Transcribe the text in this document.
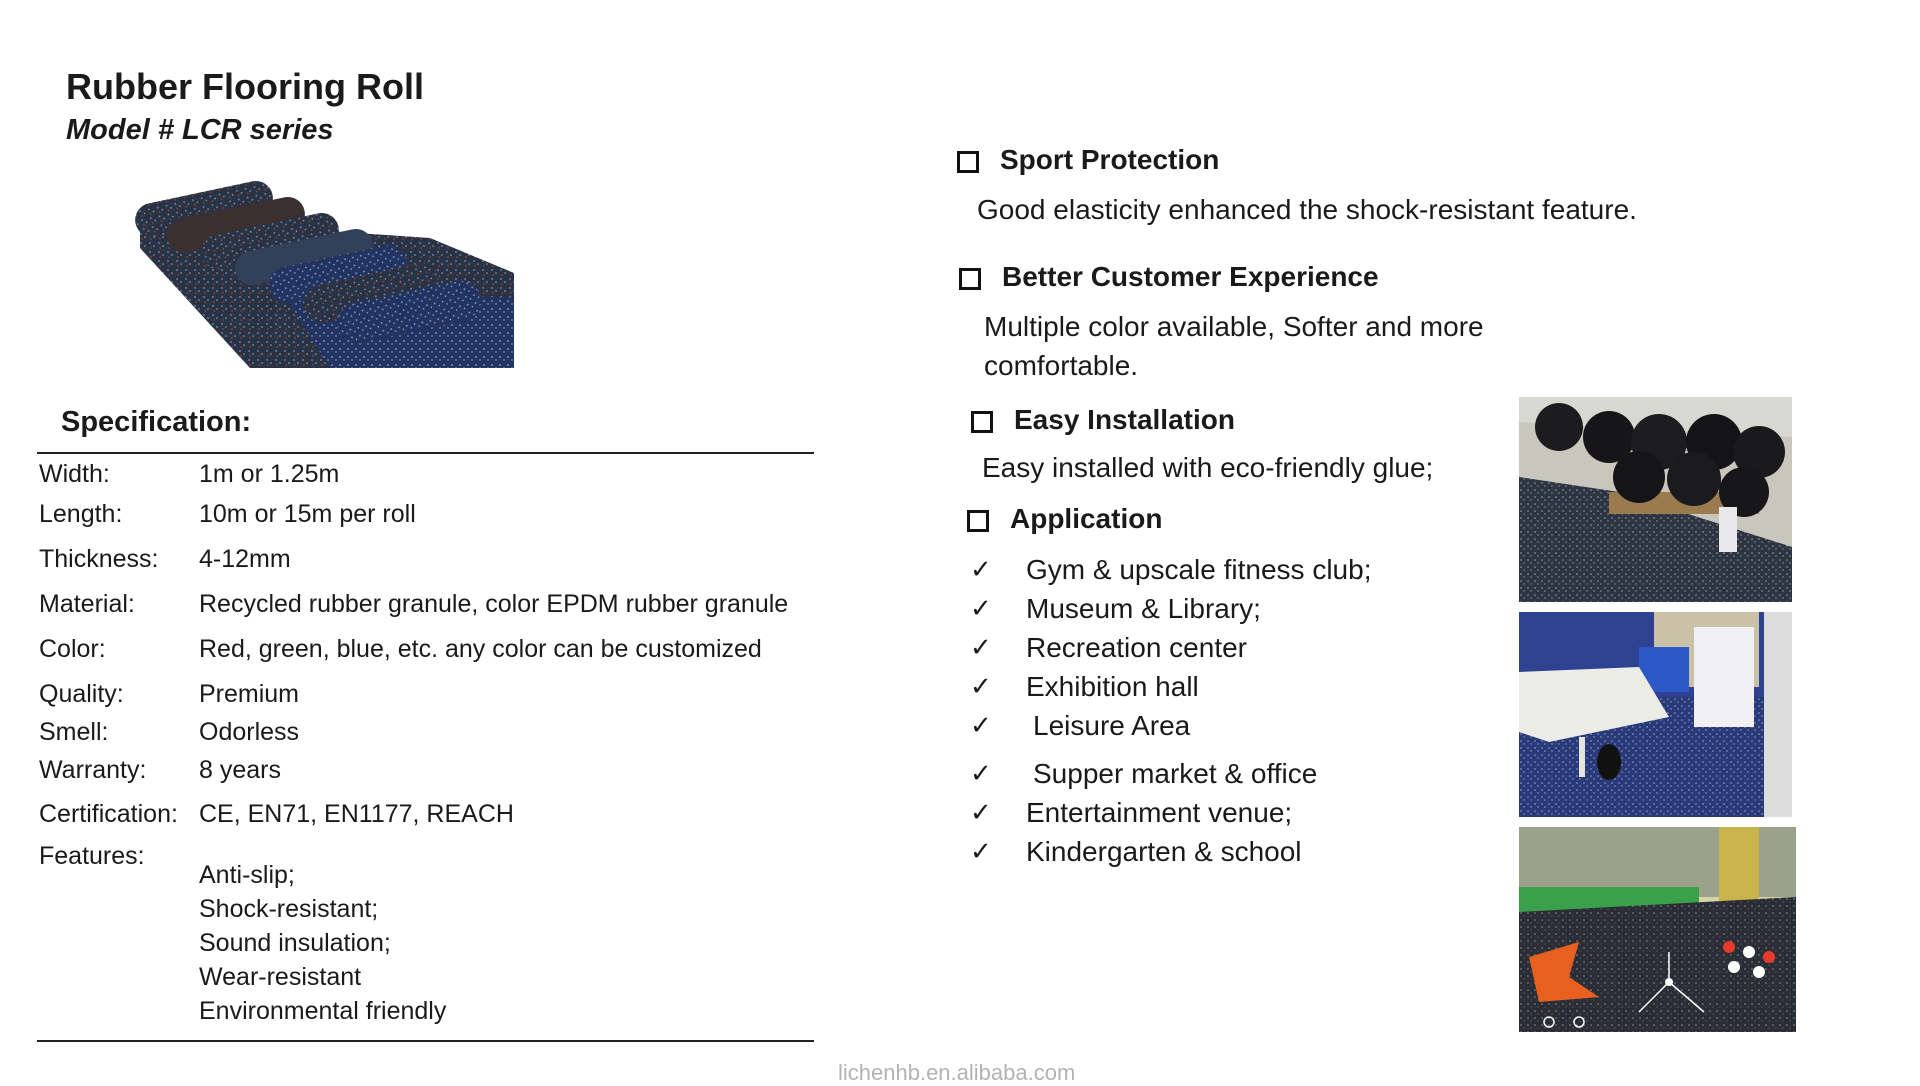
Rubber Flooring Roll
Model # LCR series
Specification:
Width:	1m or 1.25m
Length:	10m or 15m per roll
Thickness: 4-12mm
Material:	Recycled rubber granule, color EPDM rubber granule
Color:	Red, green, blue, etc. any color can be customized
Quality:	Premium
Smell:	Odorless
Warranty: 8 years
Certification: CE, EN71, EN1177, REACH
Features:
Anti-slip;
Shock-resistant;
Sound insulation;
Wear-resistant
Environmental friendly
Sport Protection
Good elasticity enhanced the shock-resistant feature.
Better Customer Experience
Multiple color available, Softer and more
comfortable.
Easy Installation
Easy installed with eco-friendly glue;
Application
✓ Gym & upscale fitness club;
✓ Museum & Library;
✓ Recreation center
✓ Exhibition hall
✓ Leisure Area
✓ Supper market & office
✓ Entertainment venue;
✓ Kindergarten & school
lichenhb.en.alibaba.com
